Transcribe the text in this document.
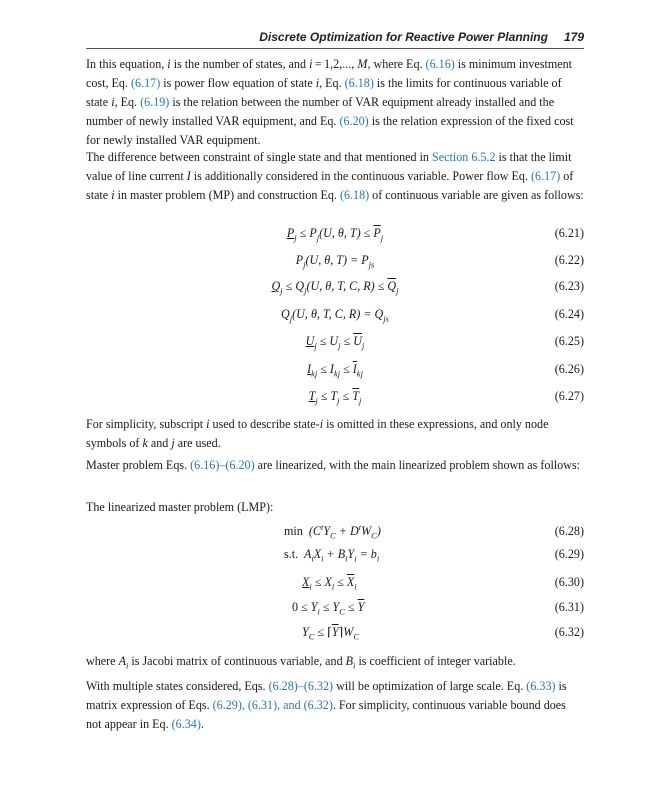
Discrete Optimization for Reactive Power Planning 179

In this equation, i is the number of states, and i = 1,2,..., M, where Eq. (6.16) is minimum investment cost, Eq. (6.17) is power flow equation of state i, Eq. (6.18) is the limits for continuous variable of state i, Eq. (6.19) is the relation between the number of VAR equipment already installed and the number of newly installed VAR equipment, and Eq. (6.20) is the relation expression of the fixed cost for newly installed VAR equipment.

The difference between constraint of single state and that mentioned in Section 6.5.2 is that the limit value of line current I is additionally considered in the continuous variable. Power flow Eq. (6.17) of state i in master problem (MP) and construction Eq. (6.18) of continuous variable are given as follows:

$P_j \le P_j(U$, θ, $T) \le \overline{P}_j$	(6.21)
$P_j(U$, θ, $T) = P_{js}$	(6.22)
$Q_j \le Q_j(U$, θ, T, C, $R) \le \overline{Q}_j$	(6.23)
$Q_j(U$, θ, T, C, $R) = Q_{js}$	(6.24)
$U_j \le U_j \le \overline{U}_j$	(6.25)
$I_{kj} \le I_{kj} \le \overline{I}_{kj}$	(6.26)
$T_j \le T_j \le \overline{T}_j$	(6.27)

For simplicity, subscript i used to describe state-i is omitted in these expressions, and only node symbols of k and j are used.

Master problem Eqs. (6.16)–(6.20) are linearized, with the main linearized problem shown as follows:

The linearized master problem (LMP):

$\min (C^tY_C + D^tW_C)$	(6.28)
s.t.  $A_iX_i + B_iY_i = b_i$	(6.29)
$X_i \le X_i \le \overline{X}_i$	(6.30)
$0 \le Y_i \le Y_C \le \overline{Y}$	(6.31)
$Y_C$ ≤ $⌈\overline{Y}⌉W_C$	(6.32)

where $A_i$ is Jacobi matrix of continuous variable, and $B_i$ is coefficient of integer variable.

With multiple states considered, Eqs. (6.28)–(6.32) will be optimization of large scale. Eq. (6.33) is matrix expression of Eqs. (6.29), (6.31), and (6.32). For simplicity, continuous variable bound does not appear in Eq. (6.34).
